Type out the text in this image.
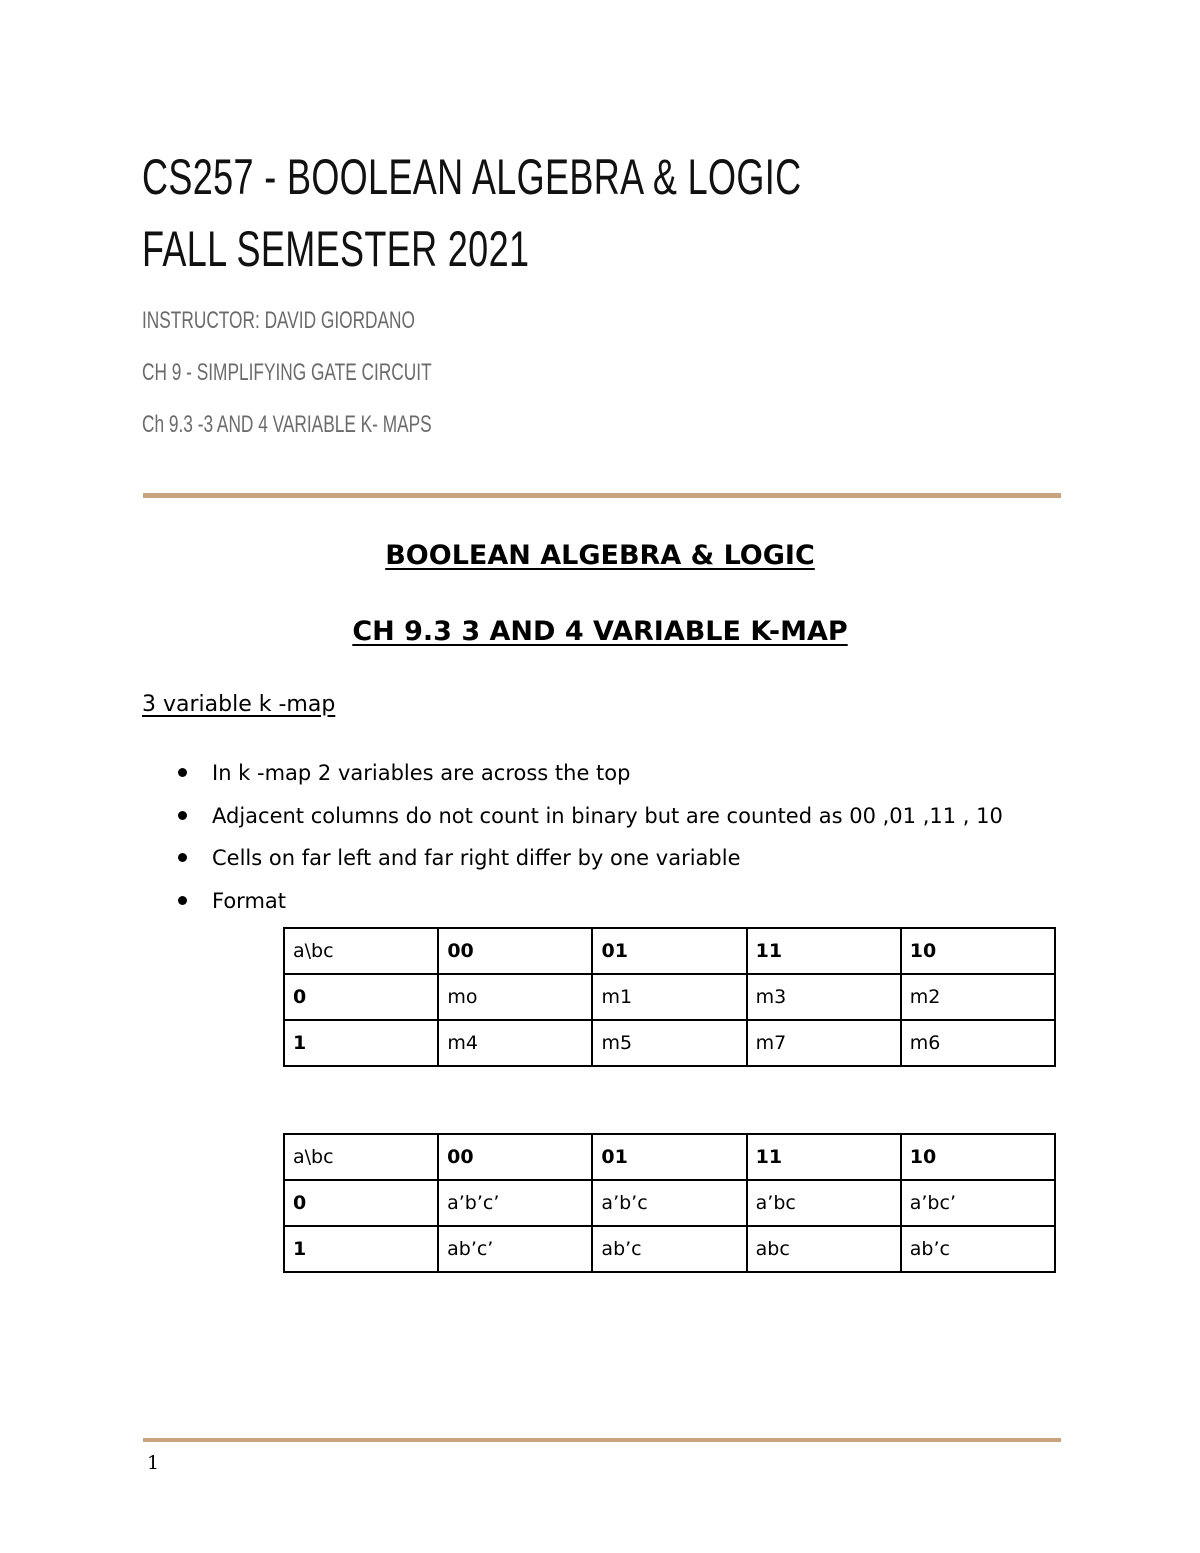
CS257 - BOOLEAN ALGEBRA & LOGIC
FALL SEMESTER 2021
INSTRUCTOR: DAVID GIORDANO
CH 9 - SIMPLIFYING GATE CIRCUIT
Ch 9.3 -3 AND 4 VARIABLE K- MAPS
BOOLEAN ALGEBRA & LOGIC
CH 9.3 3 AND 4 VARIABLE K-MAP
3 variable k -map
In k -map 2 variables are across the top
Adjacent columns do not count in binary but are counted as 00 ,01 ,11 , 10
Cells on far left and far right differ by one variable
Format
a\bc	00	01	11	10
0	mo	m1	m3	m2
1	m4	m5	m7	m6
a\bc	00	01	11	10
0	a’b’c’	a’b’c	a’bc	a’bc’
1	ab’c’	ab’c	abc	ab’c
1
